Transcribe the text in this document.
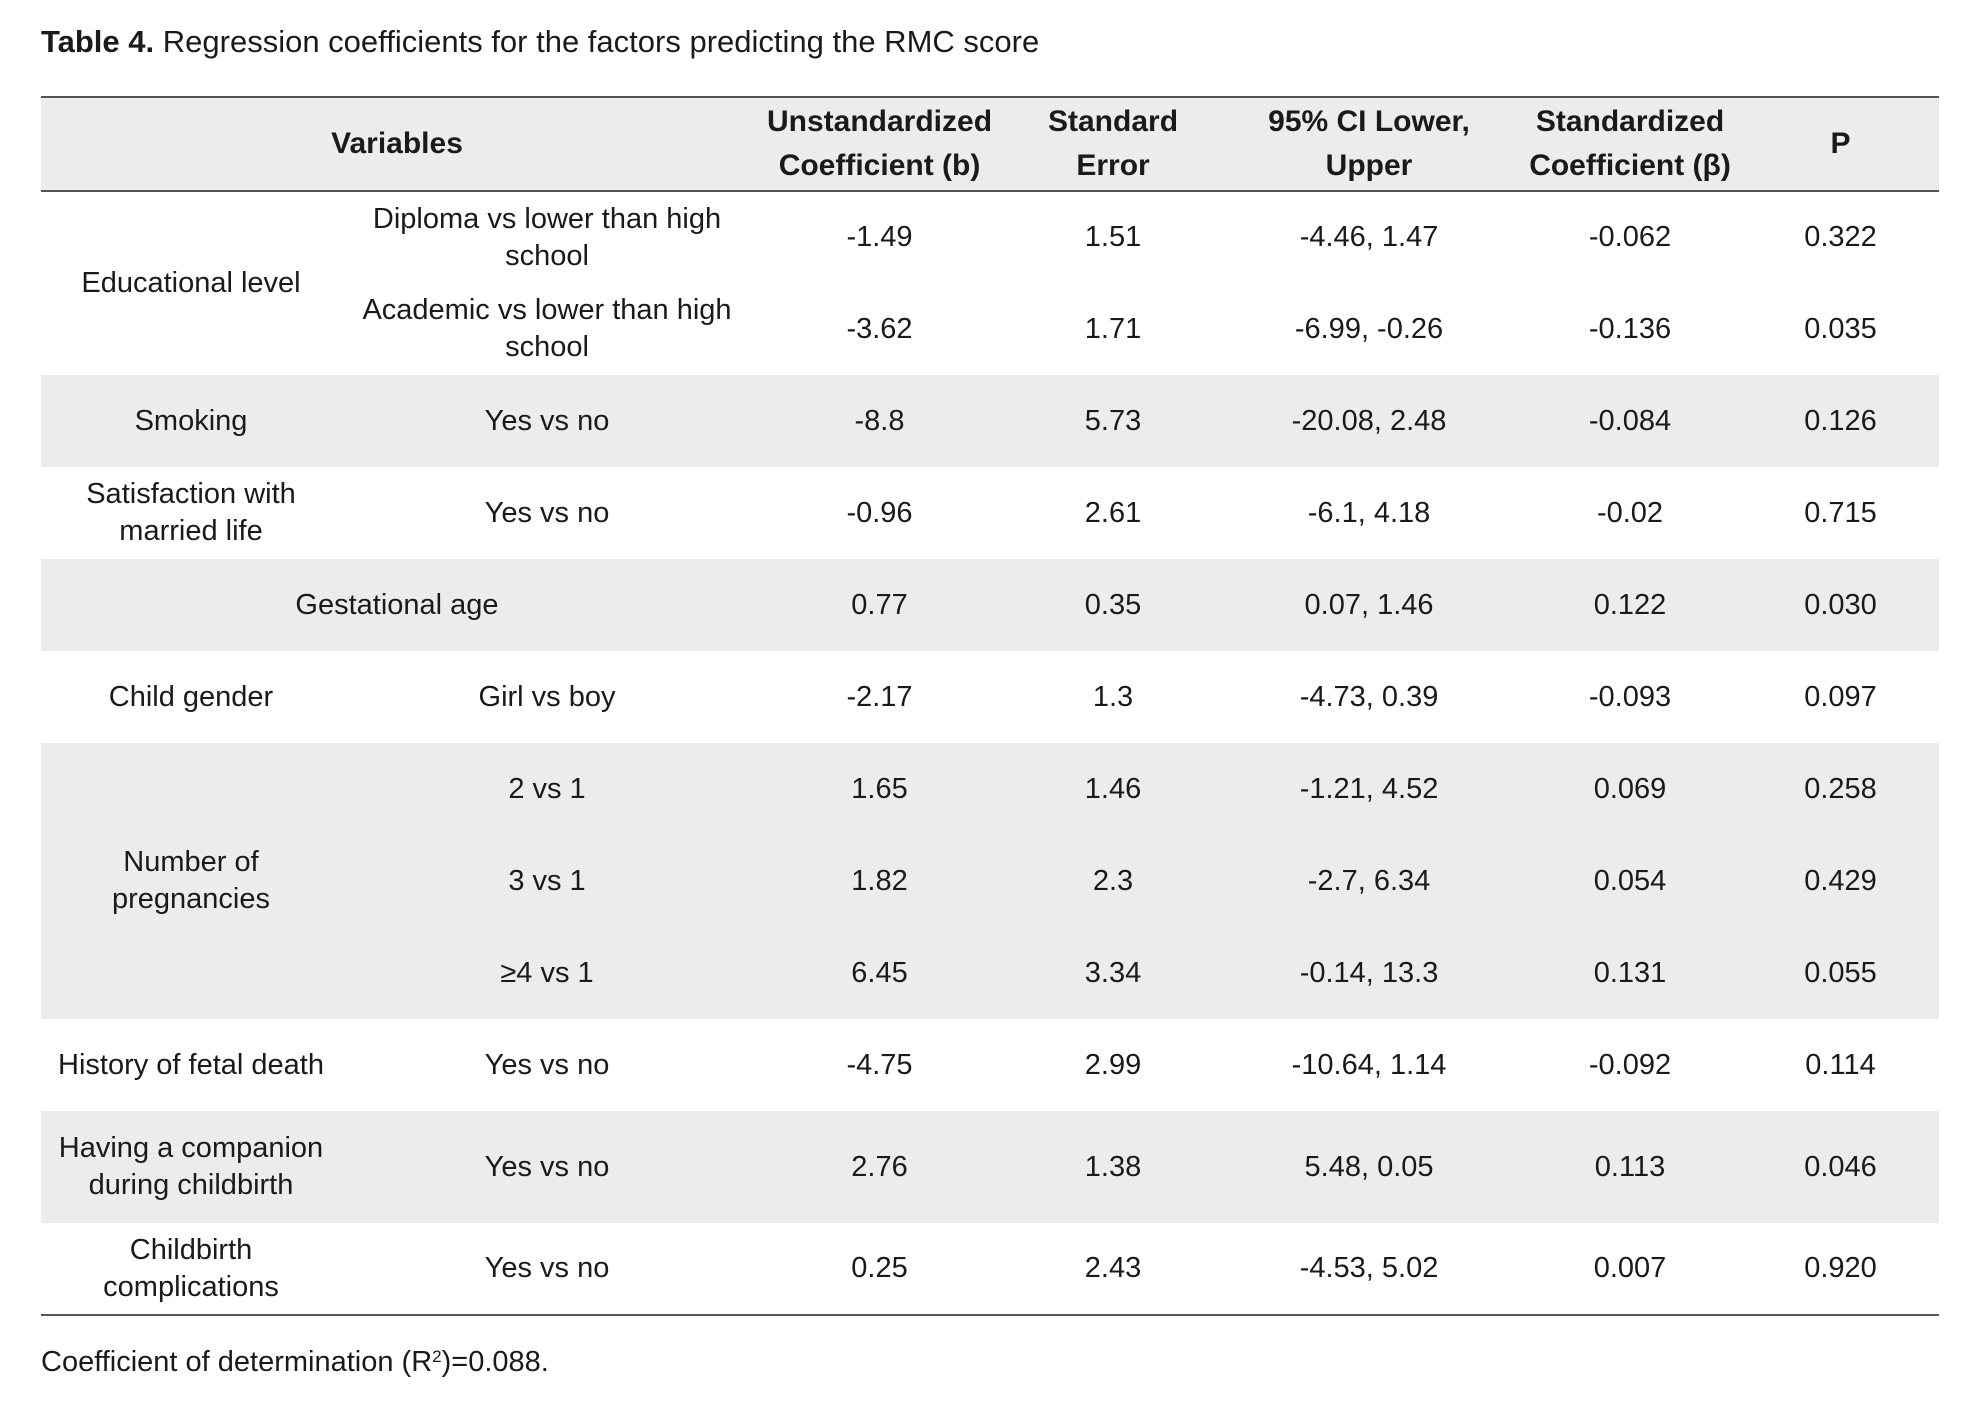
Table 4. Regression coefficients for the factors predicting the RMC score
Variables		Unstandardized Coefficient (b)	Standard Error	95% CI Lower, Upper	Standardized Coefficient (β)	P
Educational level	Diploma vs lower than high school	-1.49	1.51	-4.46, 1.47	-0.062	0.322
	Academic vs lower than high school	-3.62	1.71	-6.99, -0.26	-0.136	0.035
Smoking	Yes vs no	-8.8	5.73	-20.08, 2.48	-0.084	0.126
Satisfaction with married life	Yes vs no	-0.96	2.61	-6.1, 4.18	-0.02	0.715
Gestational age		0.77	0.35	0.07, 1.46	0.122	0.030
Child gender	Girl vs boy	-2.17	1.3	-4.73, 0.39	-0.093	0.097
Number of pregnancies	2 vs 1	1.65	1.46	-1.21, 4.52	0.069	0.258
	3 vs 1	1.82	2.3	-2.7, 6.34	0.054	0.429
	≥4 vs 1	6.45	3.34	-0.14, 13.3	0.131	0.055
History of fetal death	Yes vs no	-4.75	2.99	-10.64, 1.14	-0.092	0.114
Having a companion during childbirth	Yes vs no	2.76	1.38	5.48, 0.05	0.113	0.046
Childbirth complications	Yes vs no	0.25	2.43	-4.53, 5.02	0.007	0.920
Coefficient of determination $(R^2)=0.088$.
